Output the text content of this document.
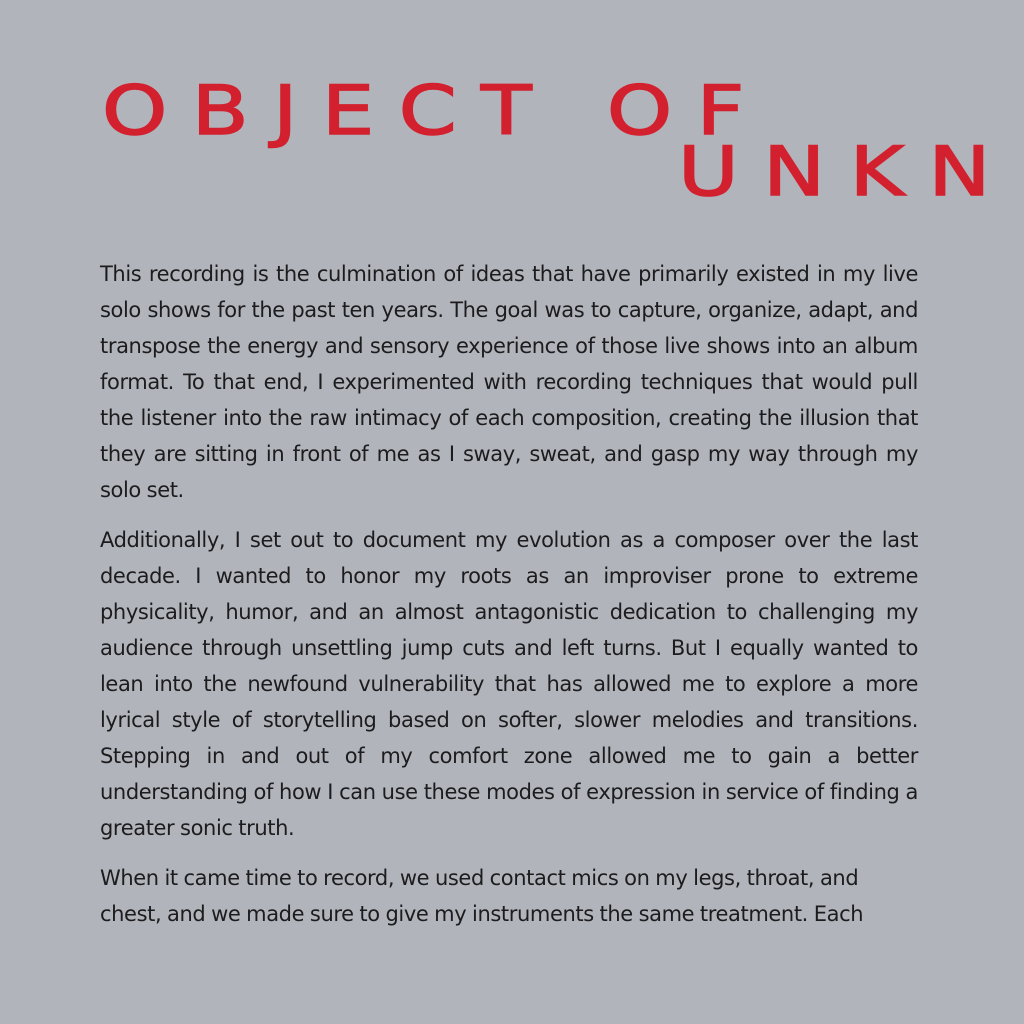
OBJECT OF
UNKN

This recording is the culmination of ideas that have primarily existed in my live solo shows for the past ten years. The goal was to capture, organize, adapt, and transpose the energy and sensory experience of those live shows into an album format. To that end, I experimented with recording techniques that would pull the listener into the raw intimacy of each composition, creating the illusion that they are sitting in front of me as I sway, sweat, and gasp my way through my solo set.

Additionally, I set out to document my evolution as a composer over the last decade. I wanted to honor my roots as an improviser prone to extreme physicality, humor, and an almost antagonistic dedication to challenging my audience through unsettling jump cuts and left turns. But I equally wanted to lean into the newfound vulnerability that has allowed me to explore a more lyrical style of storytelling based on softer, slower melodies and transitions. Stepping in and out of my comfort zone allowed me to gain a better understanding of how I can use these modes of expression in service of finding a greater sonic truth.

When it came time to record, we used contact mics on my legs, throat, and chest, and we made sure to give my instruments the same treatment. Each
